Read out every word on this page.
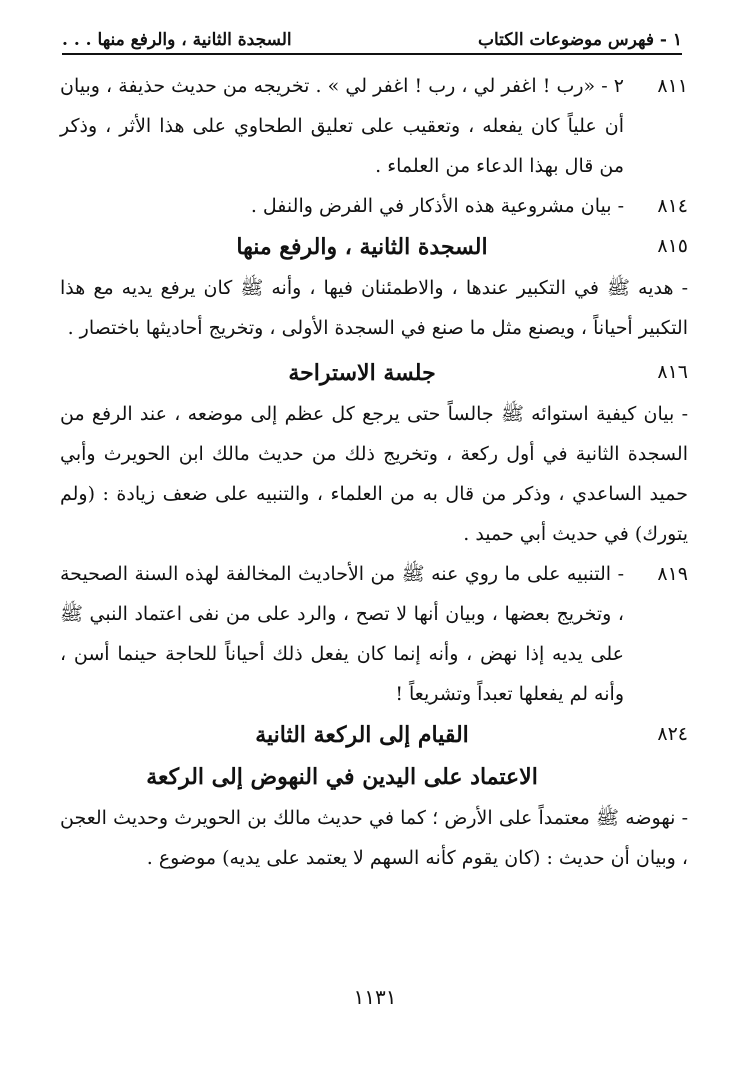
١ - فهرس موضوعات الكتاب
السجدة الثانية ، والرفع منها . . .
٨١١
٢ - «رب ! اغفر لي ، رب ! اغفر لي » . تخريجه من حديث حذيفة ، وبيان أن علياً كان يفعله ، وتعقيب على تعليق الطحاوي على هذا الأثر ، وذكر من قال بهذا الدعاء من العلماء .
٨١٤
- بيان مشروعية هذه الأذكار في الفرض والنفل .
٨١٥
السجدة الثانية ، والرفع منها
- هديه ﷺ في التكبير عندها ، والاطمئنان فيها ، وأنه ﷺ كان يرفع يديه مع هذا التكبير أحياناً ، ويصنع مثل ما صنع في السجدة الأولى ، وتخريج أحاديثها باختصار .
٨١٦
جلسة الاستراحة
- بيان كيفية استوائه ﷺ جالساً حتى يرجع كل عظم إلى موضعه ، عند الرفع من السجدة الثانية في أول ركعة ، وتخريج ذلك من حديث مالك ابن الحويرث وأبي حميد الساعدي ، وذكر من قال به من العلماء ، والتنبيه على ضعف زيادة : (ولم يتورك) في حديث أبي حميد .
٨١٩
- التنبيه على ما روي عنه ﷺ من الأحاديث المخالفة لهذه السنة الصحيحة ، وتخريج بعضها ، وبيان أنها لا تصح ، والرد على من نفى اعتماد النبي ﷺ على يديه إذا نهض ، وأنه إنما كان يفعل ذلك أحياناً للحاجة حينما أسن ، وأنه لم يفعلها تعبداً وتشريعاً !
٨٢٤
القيام إلى الركعة الثانية
الاعتماد على اليدين في النهوض إلى الركعة
- نهوضه ﷺ معتمداً على الأرض ؛ كما في حديث مالك بن الحويرث وحديث العجن ، وبيان أن حديث : (كان يقوم كأنه السهم لا يعتمد على يديه) موضوع .
١١٣١
